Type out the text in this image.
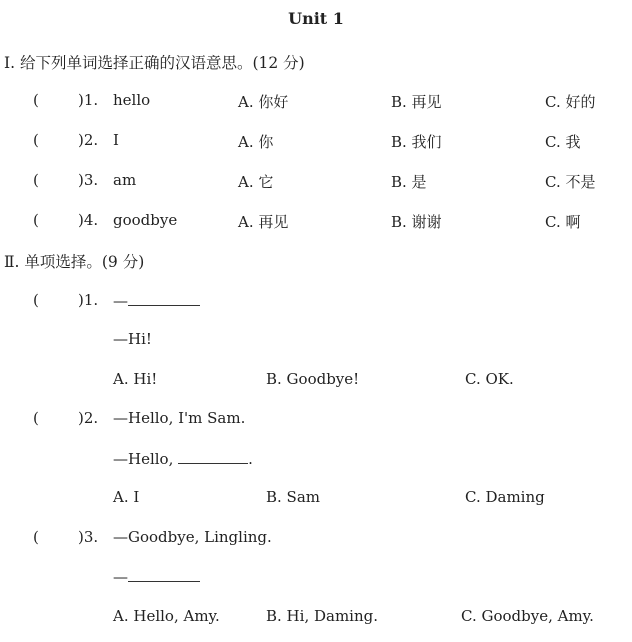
Unit 1
Ⅰ. 给下列单词选择正确的汉语意思。(12 分)
(	)1. hello	A. 你好	B. 再见	C. 好的
(	)2. I	A. 你	B. 我们	C. 我
(	)3. am	A. 它	B. 是	C. 不是
(	)4. goodbye	A. 再见	B. 谢谢	C. 啊
Ⅱ. 单项选择。(9 分)
(	)1. —
—Hi!
A. Hi!	B. Goodbye!	C. OK.
(	)2. —Hello, I'm Sam.
—Hello,	.
A. I	B. Sam	C. Daming
(	)3. —Goodbye, Lingling.
—
A. Hello, Amy.	B. Hi, Daming.	C. Goodbye, Amy.
